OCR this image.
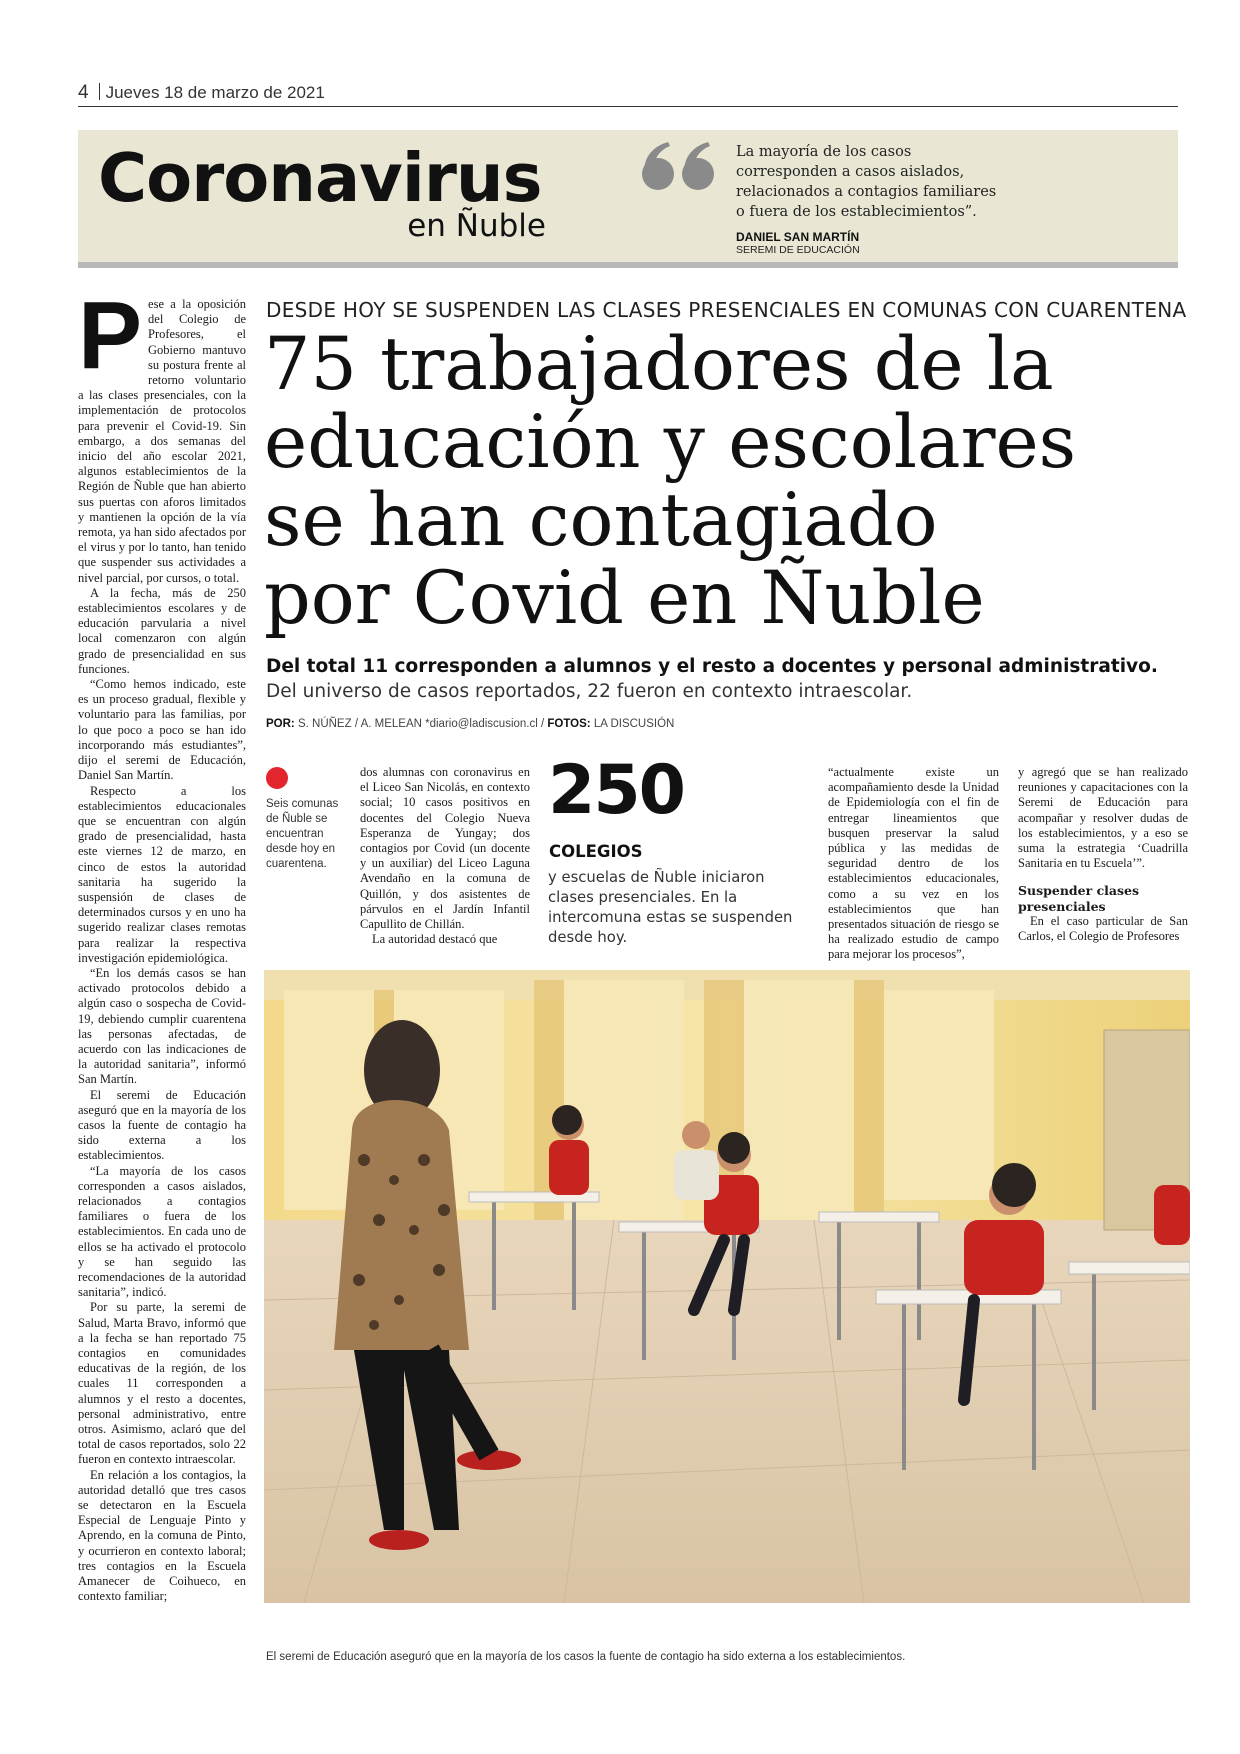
4 Jueves 18 de marzo de 2021
Coronavirus
en Ñuble
La mayoría de los casos corresponden a casos aislados, relacionados a contagios familiares o fuera de los establecimientos”.
DANIEL SAN MARTÍN
SEREMI DE EDUCACIÓN
P ese a la oposición del Colegio de Profesores, el Gobierno mantuvo su postura frente al retorno voluntario a las clases presenciales, con la implementación de protocolos para prevenir el Covid-19. Sin embargo, a dos semanas del inicio del año escolar 2021, algunos establecimientos de la Región de Ñuble que han abierto sus puertas con aforos limitados y mantienen la opción de la vía remota, ya han sido afectados por el virus y por lo tanto, han tenido que suspender sus actividades a nivel parcial, por cursos, o total.

A la fecha, más de 250 establecimientos escolares y de educación parvularia a nivel local comenzaron con algún grado de presencialidad en sus funciones.

“Como hemos indicado, este es un proceso gradual, flexible y voluntario para las familias, por lo que poco a poco se han ido incorporando más estudiantes”, dijo el seremi de Educación, Daniel San Martín.

Respecto a los establecimientos educacionales que se encuentran con algún grado de presencialidad, hasta este viernes 12 de marzo, en cinco de estos la autoridad sanitaria ha sugerido la suspensión de clases de determinados cursos y en uno ha sugerido realizar clases remotas para realizar la respectiva investigación epidemiológica.

“En los demás casos se han activado protocolos debido a algún caso o sospecha de Covid-19, debiendo cumplir cuarentena las personas afectadas, de acuerdo con las indicaciones de la autoridad sanitaria”, informó San Martín.

El seremi de Educación aseguró que en la mayoría de los casos la fuente de contagio ha sido externa a los establecimientos.

“La mayoría de los casos corresponden a casos aislados, relacionados a contagios familiares o fuera de los establecimientos. En cada uno de ellos se ha activado el protocolo y se han seguido las recomendaciones de la autoridad sanitaria”, indicó.

Por su parte, la seremi de Salud, Marta Bravo, informó que a la fecha se han reportado 75 contagios en comunidades educativas de la región, de los cuales 11 corresponden a alumnos y el resto a docentes, personal administrativo, entre otros. Asimismo, aclaró que del total de casos reportados, solo 22 fueron en contexto intraescolar.

En relación a los contagios, la autoridad detalló que tres casos se detectaron en la Escuela Especial de Lenguaje Pinto y Aprendo, en la comuna de Pinto, y ocurrieron en contexto laboral; tres contagios en la Escuela Amanecer de Coihueco, en contexto familiar;

DESDE HOY SE SUSPENDEN LAS CLASES PRESENCIALES EN COMUNAS CON CUARENTENA
75 trabajadores de la
educación y escolares
se han contagiado
por Covid en Ñuble
Del total 11 corresponden a alumnos y el resto a docentes y personal administrativo. Del universo de casos reportados, 22 fueron en contexto intraescolar.
POR: S. NÚÑEZ / A. MELEAN *diario@ladiscusion.cl / FOTOS: LA DISCUSIÓN
Seis comunas de Ñuble se encuentran desde hoy en cuarentena.

dos alumnas con coronavirus en el Liceo San Nicolás, en contexto social; 10 casos positivos en docentes del Colegio Nueva Esperanza de Yungay; dos contagios por Covid (un docente y un auxiliar) del Liceo Laguna Avendaño en la comuna de Quillón, y dos asistentes de párvulos en el Jardín Infantil Capullito de Chillán.

La autoridad destacó que

250
COLEGIOS
y escuelas de Ñuble iniciaron clases presenciales. En la intercomuna estas se suspenden desde hoy.

“actualmente existe un acompañamiento desde la Unidad de Epidemiología con el fin de entregar lineamientos que busquen preservar la salud pública y las medidas de seguridad dentro de los establecimientos educacionales, como a su vez en los establecimientos que han presentados situación de riesgo se ha realizado estudio de campo para mejorar los procesos”,

y agregó que se han realizado reuniones y capacitaciones con la Seremi de Educación para acompañar y resolver dudas de los establecimientos, y a eso se suma la estrategia ‘Cuadrilla Sanitaria en tu Escuela’”.

Suspender clases presenciales

En el caso particular de San Carlos, el Colegio de Profesores

El seremi de Educación aseguró que en la mayoría de los casos la fuente de contagio ha sido externa a los establecimientos.
